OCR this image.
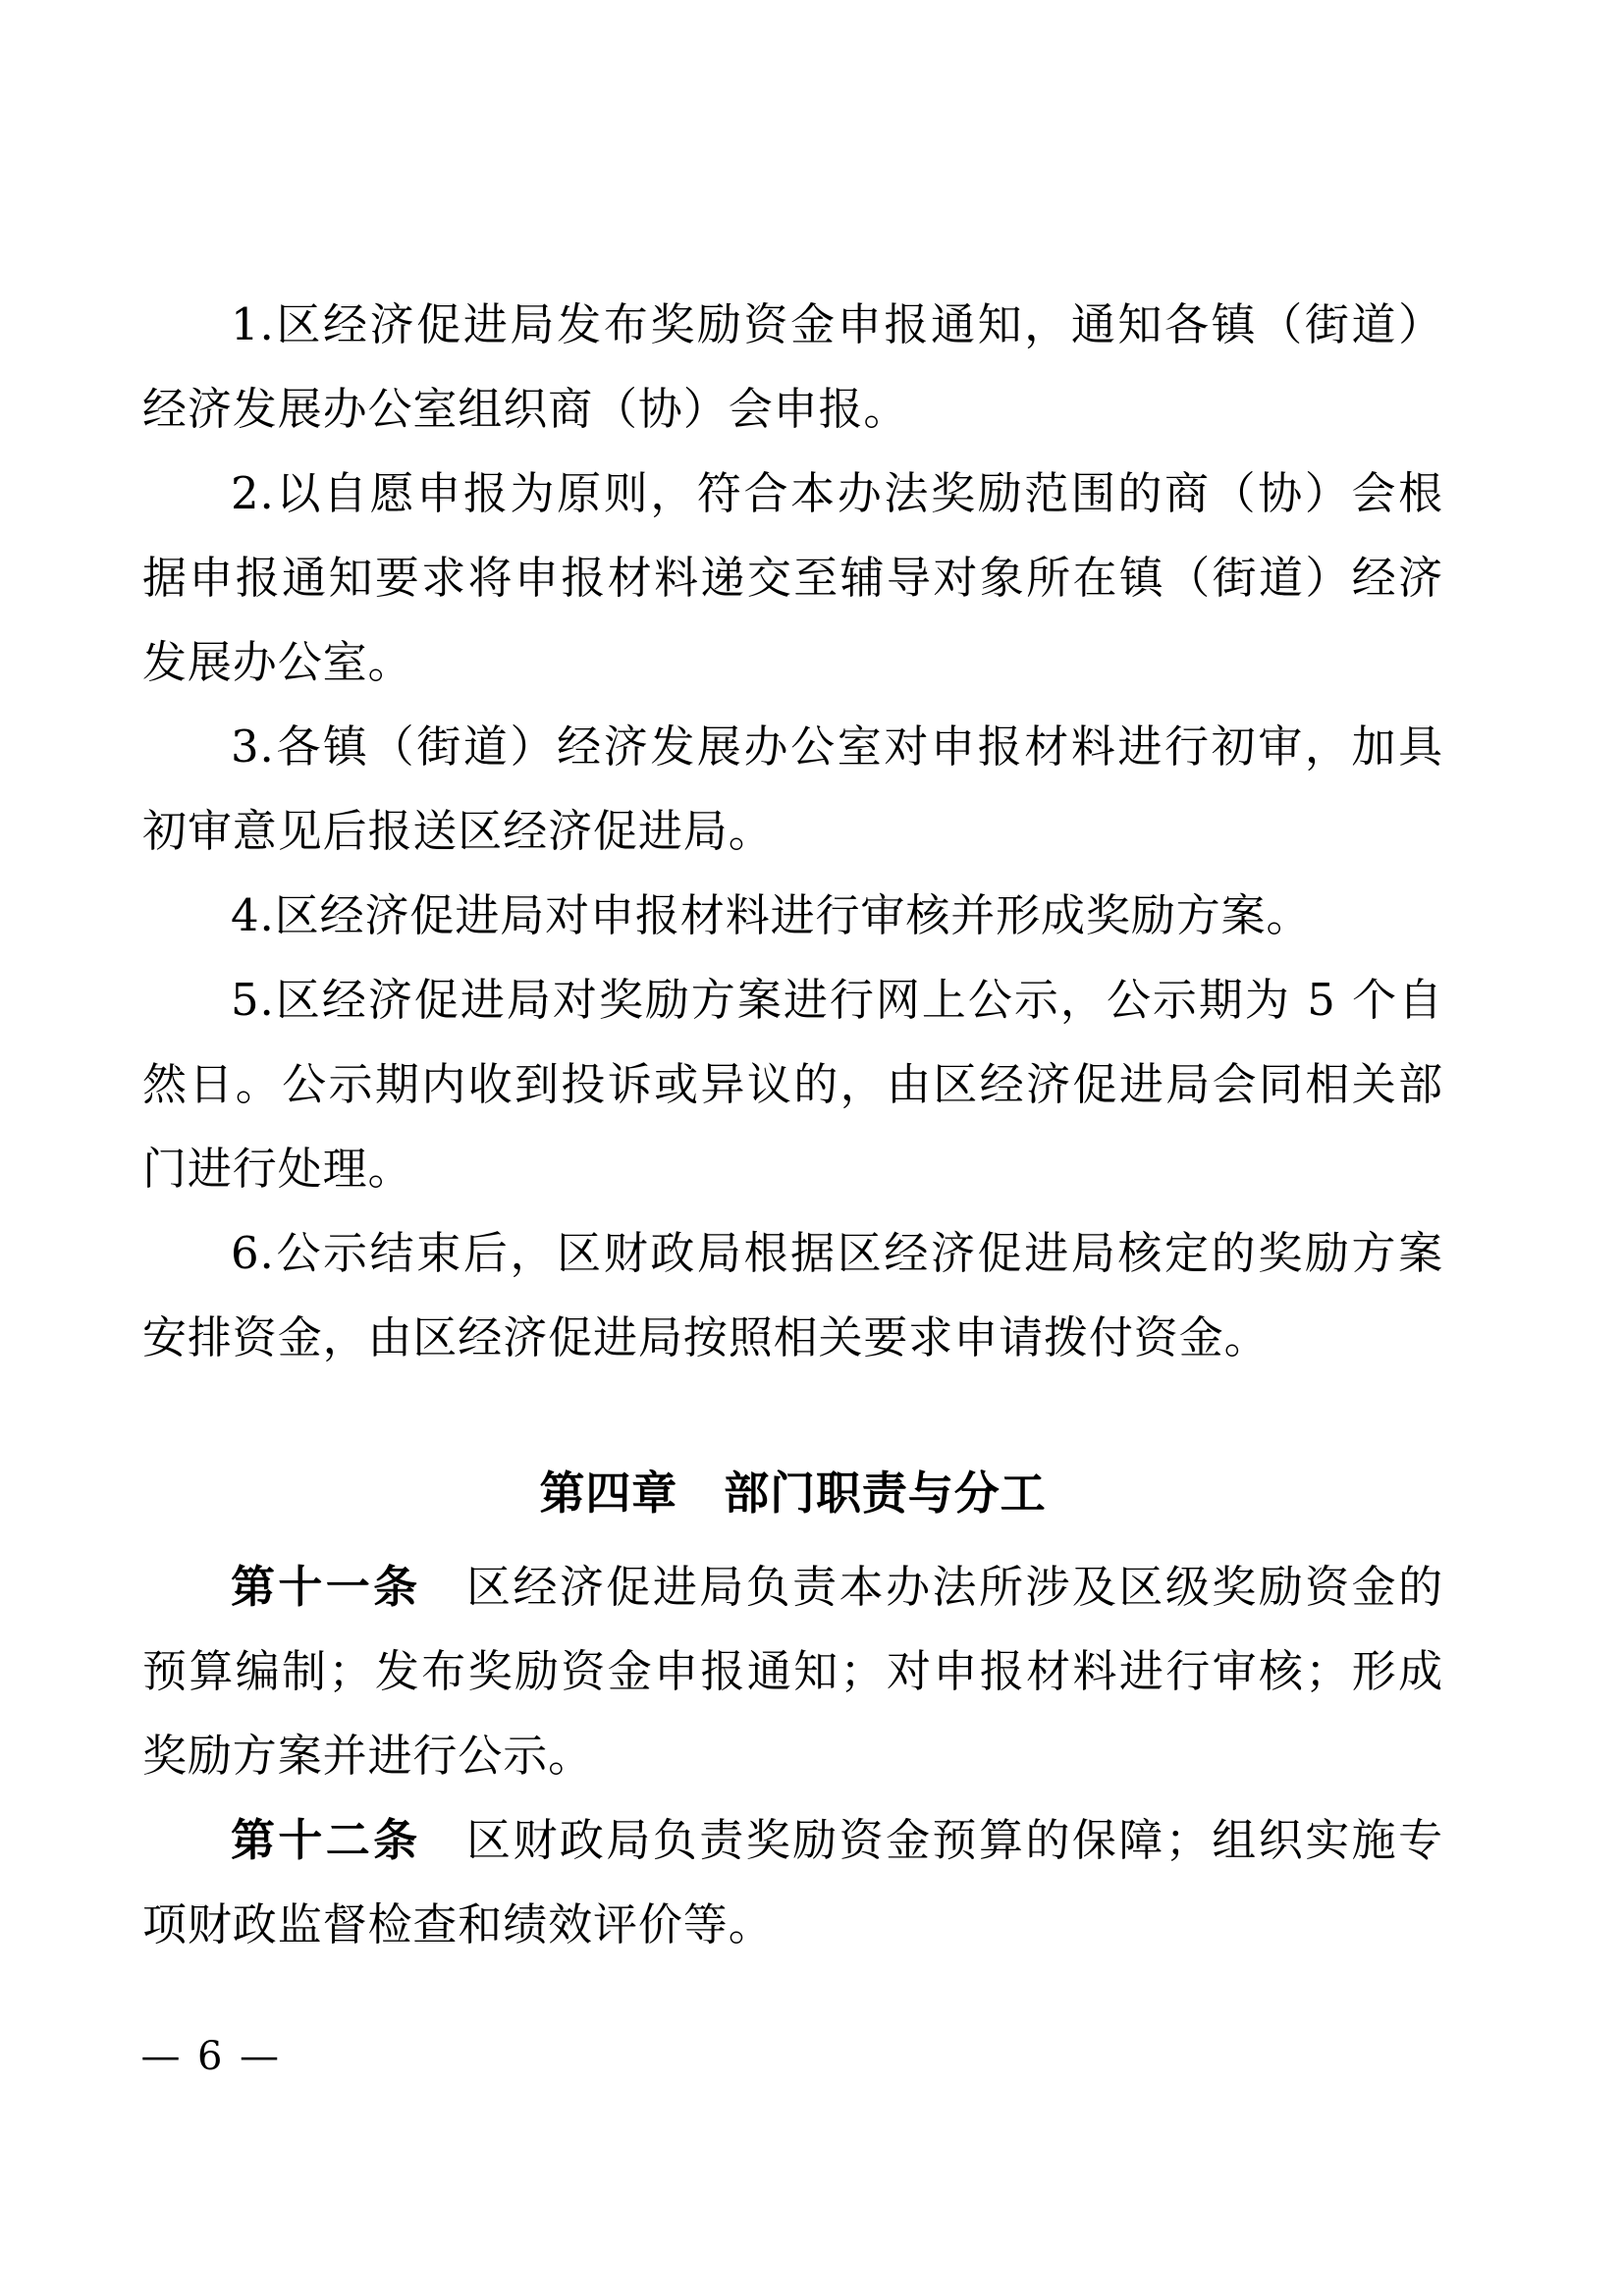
1.区经济促进局发布奖励资金申报通知，通知各镇（街道）经济发展办公室组织商（协）会申报。

2.以自愿申报为原则，符合本办法奖励范围的商（协）会根据申报通知要求将申报材料递交至辅导对象所在镇（街道）经济发展办公室。

3.各镇（街道）经济发展办公室对申报材料进行初审，加具初审意见后报送区经济促进局。

4.区经济促进局对申报材料进行审核并形成奖励方案。

5.区经济促进局对奖励方案进行网上公示，公示期为 5 个自然日。公示期内收到投诉或异议的，由区经济促进局会同相关部门进行处理。

6.公示结束后，区财政局根据区经济促进局核定的奖励方案安排资金，由区经济促进局按照相关要求申请拨付资金。

第四章　部门职责与分工

第十一条 区经济促进局负责本办法所涉及区级奖励资金的预算编制；发布奖励资金申报通知；对申报材料进行审核；形成奖励方案并进行公示。

第十二条 区财政局负责奖励资金预算的保障；组织实施专项财政监督检查和绩效评价等。

— 6 —
